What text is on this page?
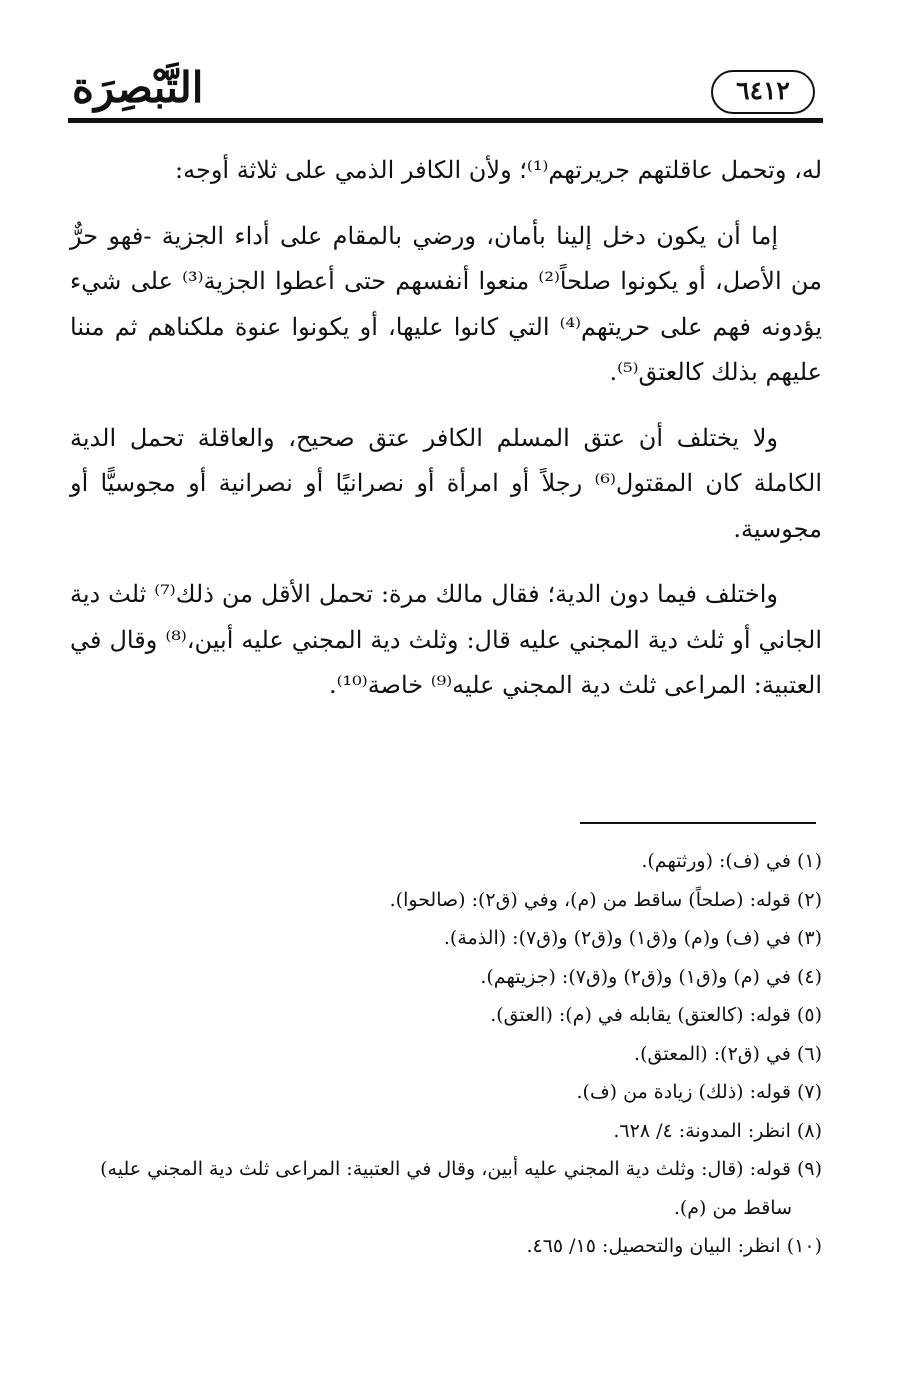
التَّبْصِرَة	٦٤١٢

له، وتحمل عاقلتهم جريرتهم⁽¹⁾؛ ولأن الكافر الذمي على ثلاثة أوجه:

إما أن يكون دخل إلينا بأمان، ورضي بالمقام على أداء الجزية -فهو حرٌّ من الأصل، أو يكونوا صلحاً⁽²⁾ منعوا أنفسهم حتى أعطوا الجزية⁽³⁾ على شيء يؤدونه فهم على حريتهم⁽⁴⁾ التي كانوا عليها، أو يكونوا عنوة ملكناهم ثم مننا عليهم بذلك كالعتق⁽⁵⁾.

ولا يختلف أن عتق المسلم الكافر عتق صحيح، والعاقلة تحمل الدية الكاملة كان المقتول⁽⁶⁾ رجلاً أو امرأة أو نصرانيًا أو نصرانية أو مجوسيًّا أو مجوسية.

واختلف فيما دون الدية؛ فقال مالك مرة: تحمل الأقل من ذلك⁽⁷⁾ ثلث دية الجاني أو ثلث دية المجني عليه قال: وثلث دية المجني عليه أبين،⁽⁸⁾ وقال في العتبية: المراعى ثلث دية المجني عليه⁽⁹⁾ خاصة⁽¹⁰⁾.

(١) في (ف): (ورثتهم).
(٢) قوله: (صلحاً) ساقط من (م)، وفي (ق٢): (صالحوا).
(٣) في (ف) و(م) و(ق١) و(ق٢) و(ق٧): (الذمة).
(٤) في (م) و(ق١) و(ق٢) و(ق٧): (جزيتهم).
(٥) قوله: (كالعتق) يقابله في (م): (العتق).
(٦) في (ق٢): (المعتق).
(٧) قوله: (ذلك) زيادة من (ف).
(٨) انظر: المدونة: ٤/ ٦٢٨.
(٩) قوله: (قال: وثلث دية المجني عليه أبين، وقال في العتبية: المراعى ثلث دية المجني عليه)
ساقط من (م).
(١٠) انظر: البيان والتحصيل: ١٥/ ٤٦٥.
